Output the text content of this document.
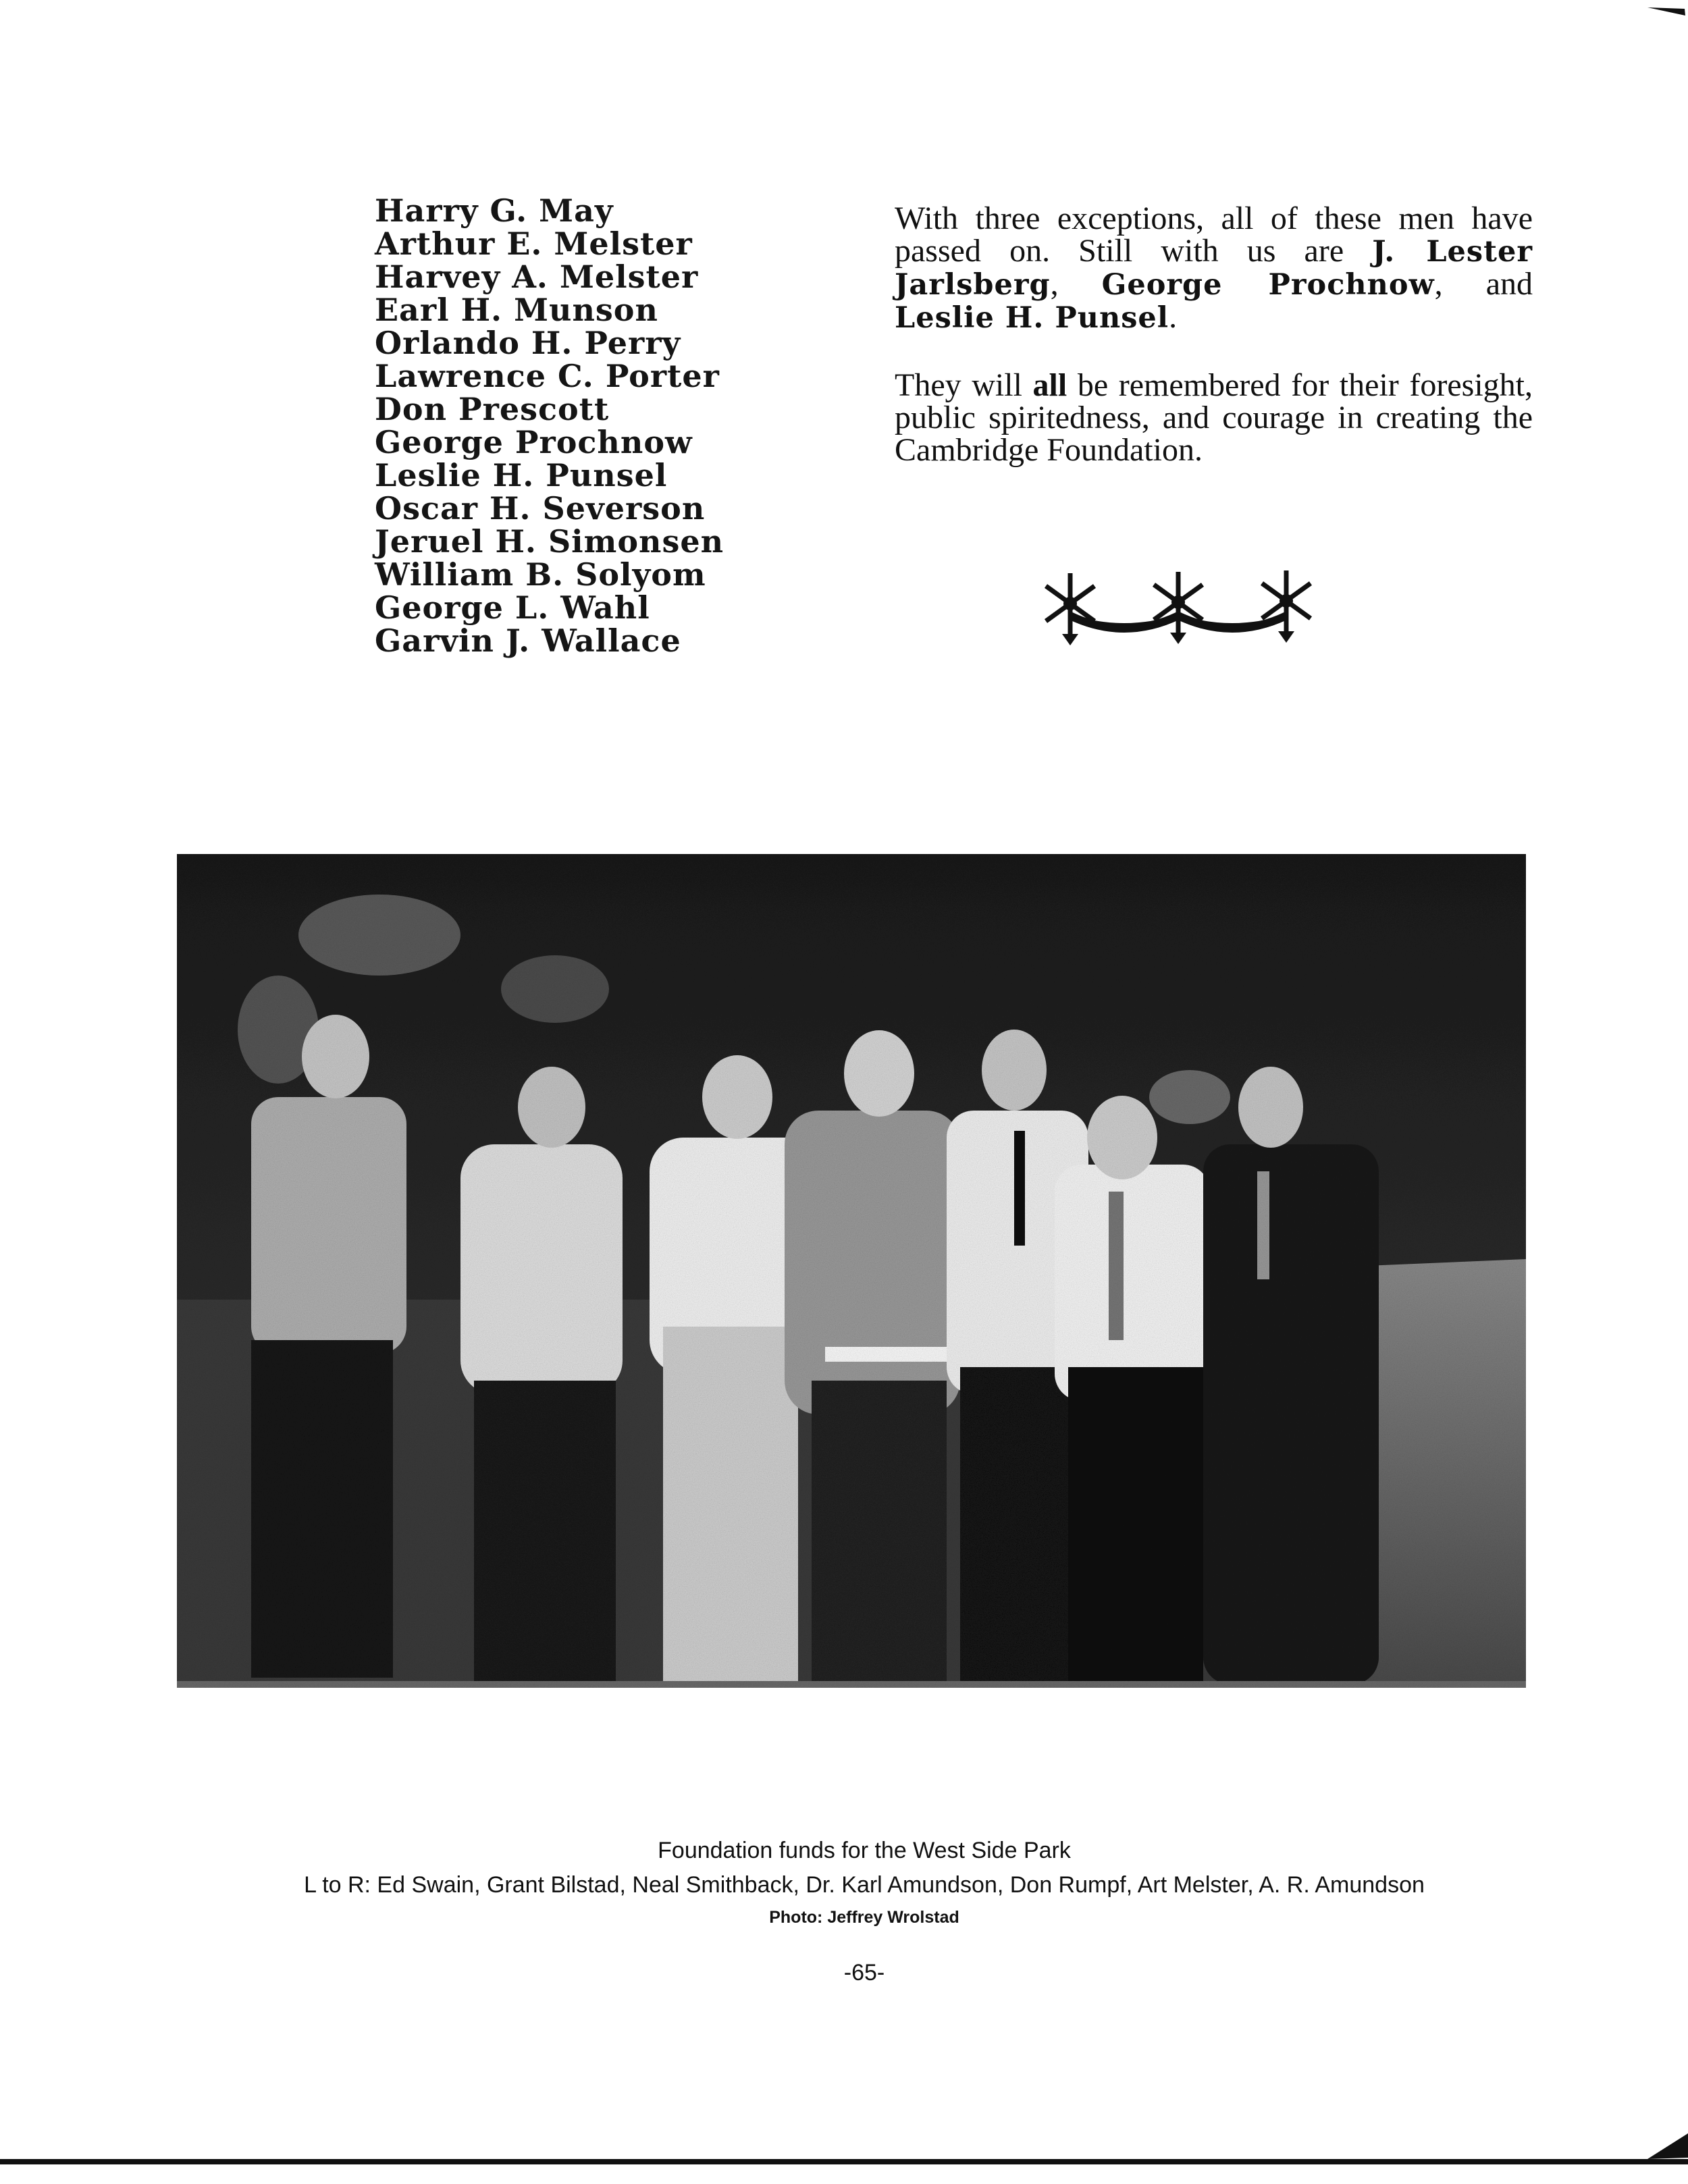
Harry G. May
Arthur E. Melster
Harvey A. Melster
Earl H. Munson
Orlando H. Perry
Lawrence C. Porter
Don Prescott
George Prochnow
Leslie H. Punsel
Oscar H. Severson
Jeruel H. Simonsen
William B. Solyom
George L. Wahl
Garvin J. Wallace

With three exceptions, all of these men have passed on. Still with us are J. Lester Jarlsberg, George Prochnow, and Leslie H. Punsel.

They will all be remembered for their foresight, public spiritedness, and courage in creating the Cambridge Foundation.

Foundation funds for the West Side Park
L to R: Ed Swain, Grant Bilstad, Neal Smithback, Dr. Karl Amundson, Don Rumpf, Art Melster, A. R. Amundson
Photo: Jeffrey Wrolstad
-65-
